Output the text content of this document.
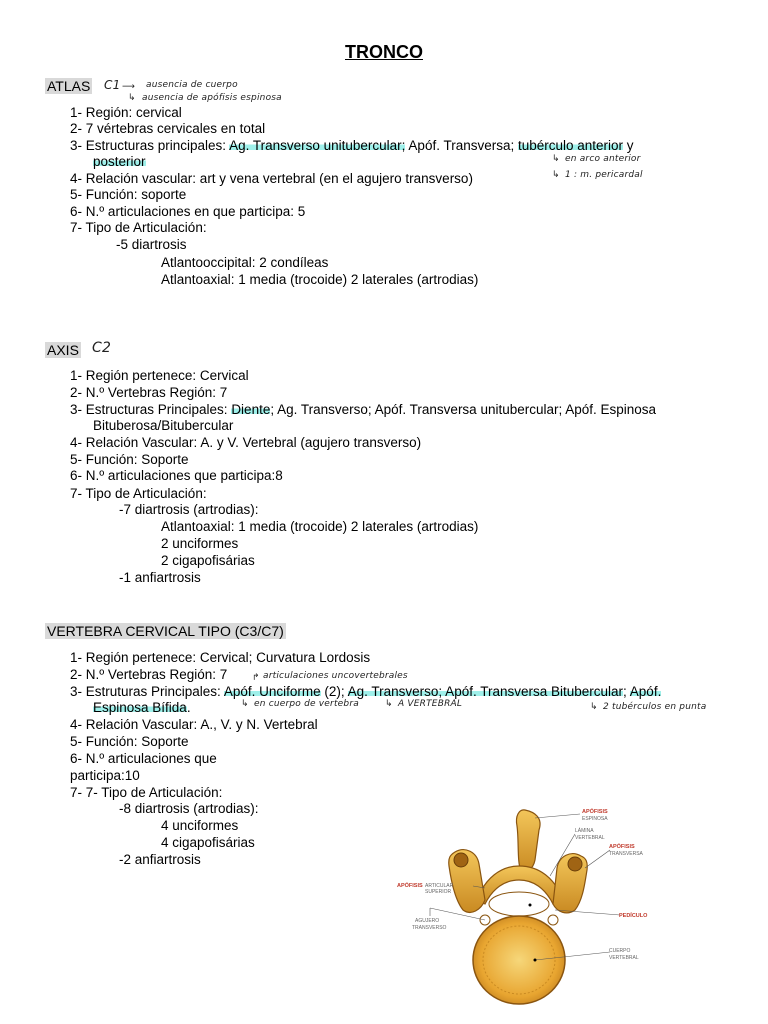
TRONCO
ATLAS C1 ⟶ ausencia de cuerpo
↳ ausencia de apófisis espinosa
1- Región: cervical
2- 7 vértebras cervicales en total
3- Estructuras principales: Ag. Transverso unitubercular; Apóf. Transversa; tubérculo anterior y
posterior	↳ en arco anterior
↳ 1 : m. pericardal
4- Relación vascular: art y vena vertebral (en el agujero transverso)
5- Función: soporte
6- N.º articulaciones en que participa: 5
7- Tipo de Articulación:
-5 diartrosis
Atlantooccipital: 2 condíleas
Atlantoaxial: 1 media (trocoide) 2 laterales (artrodias)
AXIS C2
1- Región pertenece: Cervical
2- N.º Vertebras Región: 7
3- Estructuras Principales: Diente; Ag. Transverso; Apóf. Transversa unitubercular; Apóf. Espinosa
Bituberosa/Bitubercular
4- Relación Vascular: A. y V. Vertebral (agujero transverso)
5- Función: Soporte
6- N.º articulaciones que participa:8
7- Tipo de Articulación:
-7 diartrosis (artrodias):
Atlantoaxial: 1 media (trocoide) 2 laterales (artrodias)
2 unciformes
2 cigapofisárias
-1 anfiartrosis
VERTEBRA CERVICAL TIPO (C3/C7)
1- Región pertenece: Cervical; Curvatura Lordosis
2- N.º Vertebras Región: 7	↱ articulaciones uncovertebrales
3- Estruturas Principales: Apóf. Unciforme (2); Ag. Transverso; Apóf. Transversa Bitubercular; Apóf.
Espinosa Bífida.	↳ en cuerpo de vertebra	↳ A VERTEBRAL	↳ 2 tubérculos en punta
4- Relación Vascular: A., V. y N. Vertebral
5- Función: Soporte
6- N.º articulaciones que
participa:10
7- 7- Tipo de Articulación:
-8 diartrosis (artrodias):
4 unciformes
4 cigapofisárias
-2 anfiartrosis
APÓFISIS
ESPINOSA
LÁMINA
VERTEBRAL
APÓFISIS
TRANSVERSA
APÓFISIS ARTICULAR
SUPERIOR
PEDÍCULO
AGUJERO
TRANSVERSO
CUERPO
VERTEBRAL
